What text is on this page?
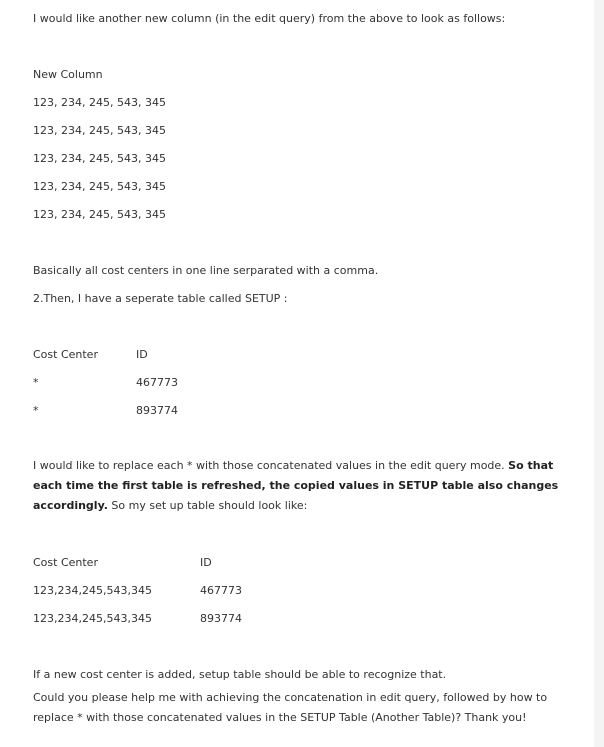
I would like another new column (in the edit query) from the above to look as follows:
New Column
123, 234, 245, 543, 345
123, 234, 245, 543, 345
123, 234, 245, 543, 345
123, 234, 245, 543, 345
123, 234, 245, 543, 345
Basically all cost centers in one line serparated with a comma.
2.Then, I have a seperate table called SETUP :
Cost Center	ID
*	467773
*	893774
I would like to replace each * with those concatenated values in the edit query mode. So that each time the first table is refreshed, the copied values in SETUP table also changes accordingly. So my set up table should look like:
Cost Center	ID
123,234,245,543,345	467773
123,234,245,543,345	893774
If a new cost center is added, setup table should be able to recognize that.
Could you please help me with achieving the concatenation in edit query, followed by how to replace * with those concatenated values in the SETUP Table (Another Table)? Thank you!
